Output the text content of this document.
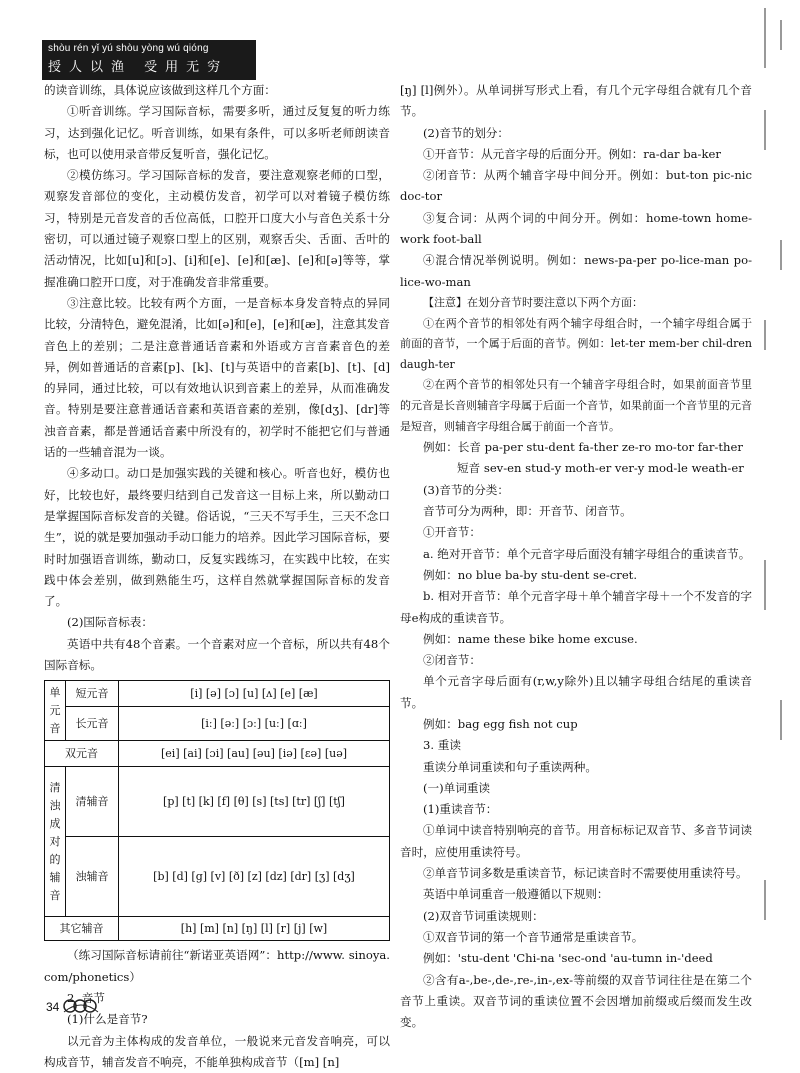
shòu rén yǐ yú shòu yòng wú qióng
授人以渔 受用无穷

的读音训练，具体说应该做到这样几个方面：

①听音训练。学习国际音标，需要多听，通过反复复的听力练习，达到强化记忆。听音训练，如果有条件，可以多听老师朗读音标，也可以使用录音带反复听音，强化记忆。

②模仿练习。学习国际音标的发音，要注意观察老师的口型，观察发音部位的变化，主动模仿发音，初学可以对着镜子模仿练习，特别是元音发音的舌位高低，口腔开口度大小与音色关系十分密切，可以通过镜子观察口型上的区别，观察舌尖、舌面、舌叶的活动情况，比如[u]和[ɔ]、[i]和[e]、[e]和[æ]、[e]和[ə]等等，掌握准确口腔开口度，对于准确发音非常重要。

③注意比较。比较有两个方面，一是音标本身发音特点的异同比较，分清特色，避免混淆，比如[ə]和[e]，[e]和[æ]，注意其发音音色上的差别；二是注意普通话音素和外语或方言音素音色的差异，例如普通话的音素[p]、[k]、[t]与英语中的音素[b]、[t]、[d]的异同，通过比较，可以有效地认识到音素上的差异，从而准确发音。特别是要注意普通话音素和英语音素的差别，像[dʒ]、[dr]等浊音音素，都是普通话音素中所没有的，初学时不能把它们与普通话的一些辅音混为一谈。

④多动口。动口是加强实践的关键和核心。听音也好，模仿也好，比较也好，最终要归结到自己发音这一目标上来，所以勤动口是掌握国际音标发音的关键。俗话说，“三天不写手生，三天不念口生”，说的就是要加强动手动口能力的培养。因此学习国际音标，要时时加强语音训练，勤动口，反复实践练习，在实践中比较，在实践中体会差别，做到熟能生巧，这样自然就掌握国际音标的发音了。

(2)国际音标表：

英语中共有48个音素。一个音素对应一个音标，所以共有48个国际音标。

单元音	短元音	[i] [ə] [ɔ] [u] [ʌ] [e] [æ]
	长元音	[iː] [əː] [ɔː] [uː] [ɑː]
双元音		[ei] [ai] [ɔi] [au] [əu] [iə] [ɛə] [uə]
清浊成对的辅音	清辅音	[p] [t] [k] [f] [θ] [s] [ts] [tr] [ʃ] [tʃ]
	浊辅音	[b] [d] [g] [v] [ð] [z] [dz] [dr] [ʒ] [dʒ]
其它辅音		[h] [m] [n] [ŋ] [l] [r] [j] [w]

（练习国际音标请前往“新诺亚英语网”：http://www. sinoya. com/phonetics）

2. 音节

(1)什么是音节?

以元音为主体构成的发音单位，一般说来元音发音响亮，可以构成音节，辅音发音不响亮，不能单独构成音节（[m] [n]

[ŋ] [l]例外）。从单词拼写形式上看，有几个元字母组合就有几个音节。

(2)音节的划分：

①开音节：从元音字母的后面分开。例如：ra-dar ba-ker

②闭音节：从两个辅音字母中间分开。例如：but-ton pic-nic doc-tor

③复合词：从两个词的中间分开。例如：home-town home-work foot-ball

④混合情况举例说明。例如：news-pa-per po-lice-man po-lice-wo-man

【注意】在划分音节时要注意以下两个方面：

①在两个音节的相邻处有两个辅字母组合时，一个辅字母组合属于前面的音节，一个属于后面的音节。例如：let-ter mem-ber chil-dren daugh-ter

②在两个音节的相邻处只有一个辅音字母组合时，如果前面音节里的元音是长音则辅音字母属于后面一个音节，如果前面一个音节里的元音是短音，则辅音字母组合属于前面一个音节。

例如：长音 pa-per stu-dent fa-ther ze-ro mo-tor far-ther

短音 sev-en stud-y moth-er ver-y mod-le weath-er

(3)音节的分类：

音节可分为两种，即：开音节、闭音节。

①开音节：

a. 绝对开音节：单个元音字母后面没有辅字母组合的重读音节。

例如：no blue ba-by stu-dent se-cret.

b. 相对开音节：单个元音字母＋单个辅音字母＋一个不发音的字母e构成的重读音节。

例如：name these bike home excuse.

②闭音节：

单个元音字母后面有(r,w,y除外)且以辅字母组合结尾的重读音节。

例如：bag egg fish not cup

3. 重读

重读分单词重读和句子重读两种。

(一)单词重读

(1)重读音节：

①单词中读音特别响亮的音节。用音标标记双音节、多音节词读音时，应使用重读符号。

②单音节词多数是重读音节，标记读音时不需要使用重读符号。

英语中单词重音一般遵循以下规则：

(2)双音节词重读规则：

①双音节词的第一个音节通常是重读音节。

例如：'stu-dent 'Chi-na 'sec-ond 'au-tumn in-'deed

②含有a-,be-,de-,re-,in-,ex-等前缀的双音节词往往是在第二个音节上重读。双音节词的重读位置不会因增加前缀或后缀而发生改变。

34
